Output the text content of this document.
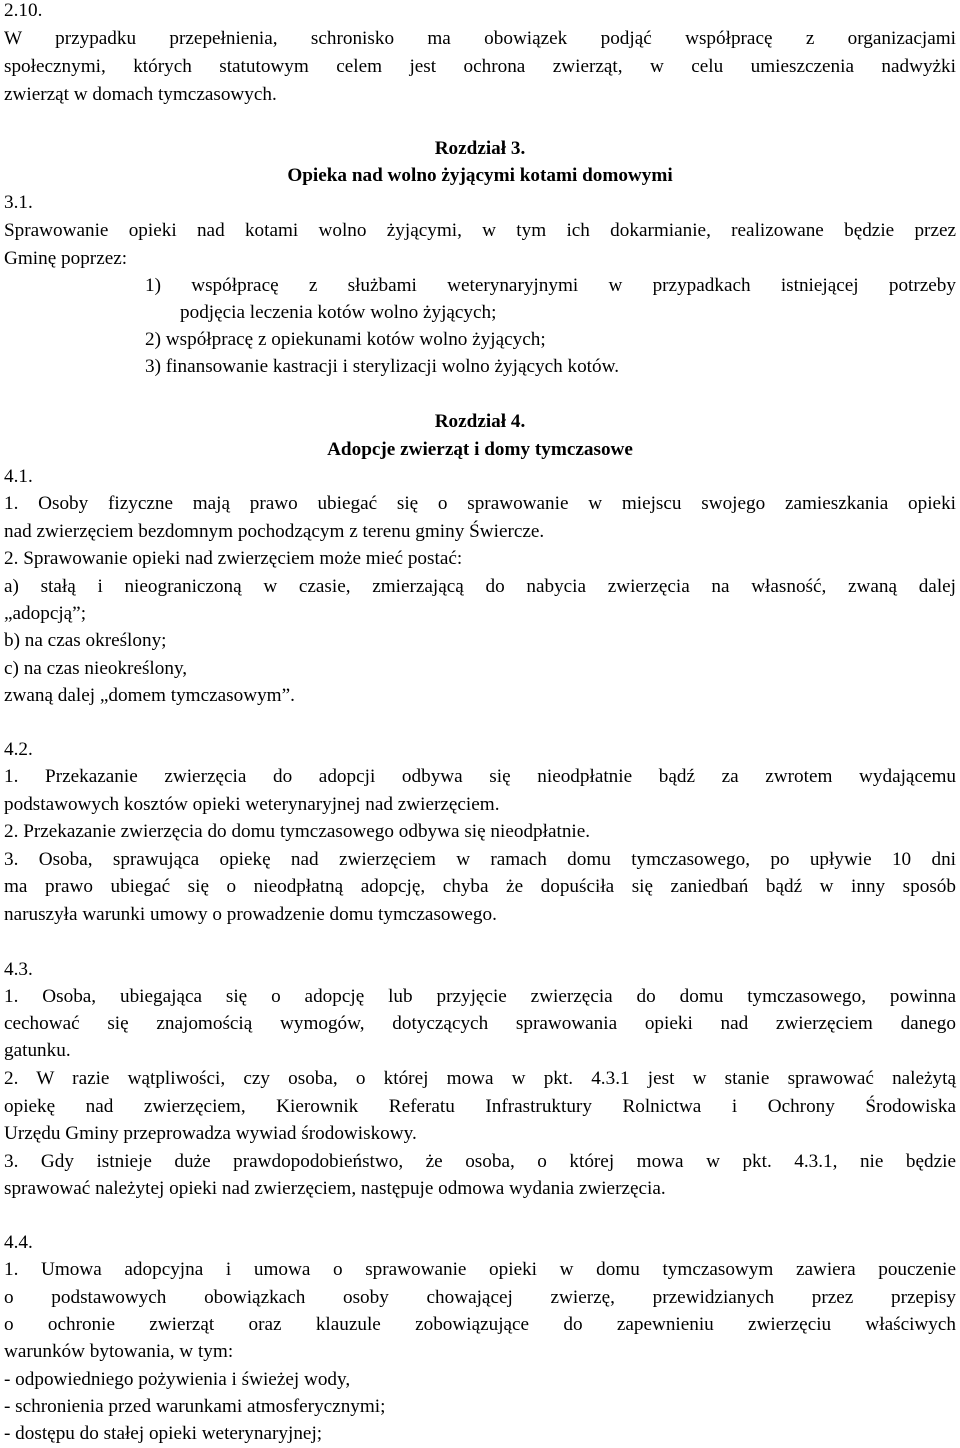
2.10.
W przypadku przepełnienia, schronisko ma obowiązek podjąć współpracę z organizacjami
społecznymi, których statutowym celem jest ochrona zwierząt, w celu umieszczenia nadwyżki
zwierząt w domach tymczasowych.
Rozdział 3.
Opieka nad wolno żyjącymi kotami domowymi
3.1.
Sprawowanie opieki nad kotami wolno żyjącymi, w tym ich dokarmianie, realizowane będzie przez
Gminę poprzez:
1) współpracę z służbami weterynaryjnymi w przypadkach istniejącej potrzeby
podjęcia leczenia kotów wolno żyjących;
2) współpracę z opiekunami kotów wolno żyjących;
3) finansowanie kastracji i sterylizacji wolno żyjących kotów.
Rozdział 4.
Adopcje zwierząt i domy tymczasowe
4.1.
1. Osoby fizyczne mają prawo ubiegać się o sprawowanie w miejscu swojego zamieszkania opieki
nad zwierzęciem bezdomnym pochodzącym z terenu gminy Świercze.
2. Sprawowanie opieki nad zwierzęciem może mieć postać:
a) stałą i nieograniczoną w czasie, zmierzającą do nabycia zwierzęcia na własność, zwaną dalej
„adopcją”;
b) na czas określony;
c) na czas nieokreślony,
zwaną dalej „domem tymczasowym”.
4.2.
1. Przekazanie zwierzęcia do adopcji odbywa się nieodpłatnie bądź za zwrotem wydającemu
podstawowych kosztów opieki weterynaryjnej nad zwierzęciem.
2. Przekazanie zwierzęcia do domu tymczasowego odbywa się nieodpłatnie.
3. Osoba, sprawująca opiekę nad zwierzęciem w ramach domu tymczasowego, po upływie 10 dni
ma prawo ubiegać się o nieodpłatną adopcję, chyba że dopuściła się zaniedbań bądź w inny sposób
naruszyła warunki umowy o prowadzenie domu tymczasowego.
4.3.
1. Osoba, ubiegająca się o adopcję lub przyjęcie zwierzęcia do domu tymczasowego, powinna
cechować się znajomością wymogów, dotyczących sprawowania opieki nad zwierzęciem danego
gatunku.
2. W razie wątpliwości, czy osoba, o której mowa w pkt. 4.3.1 jest w stanie sprawować należytą
opiekę nad zwierzęciem, Kierownik Referatu Infrastruktury Rolnictwa i Ochrony Środowiska
Urzędu Gminy przeprowadza wywiad środowiskowy.
3. Gdy istnieje duże prawdopodobieństwo, że osoba, o której mowa w pkt. 4.3.1, nie będzie
sprawować należytej opieki nad zwierzęciem, następuje odmowa wydania zwierzęcia.
4.4.
1. Umowa adopcyjna i umowa o sprawowanie opieki w domu tymczasowym zawiera pouczenie
o podstawowych obowiązkach osoby chowającej zwierzę, przewidzianych przez przepisy
o ochronie zwierząt oraz klauzule zobowiązujące do zapewnieniu zwierzęciu właściwych
warunków bytowania, w tym:
- odpowiedniego pożywienia i świeżej wody,
- schronienia przed warunkami atmosferycznymi;
- dostępu do stałej opieki weterynaryjnej;
